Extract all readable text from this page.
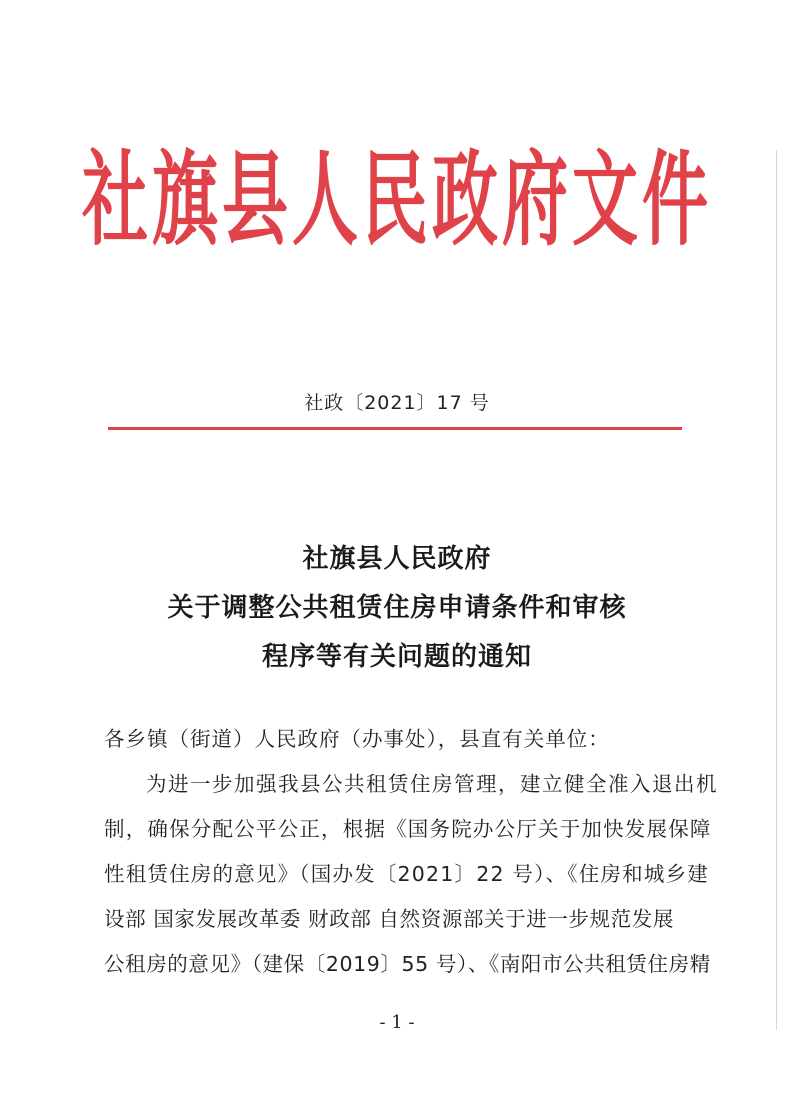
社旗县人民政府文件
社政〔2021〕17 号
社旗县人民政府
关于调整公共租赁住房申请条件和审核
程序等有关问题的通知
各乡镇（街道）人民政府（办事处），县直有关单位：
为进一步加强我县公共租赁住房管理，建立健全准入退出机
制，确保分配公平公正，根据《国务院办公厅关于加快发展保障
性租赁住房的意见》（国办发〔2021〕22 号）、《住房和城乡建
设部 国家发展改革委 财政部 自然资源部关于进一步规范发展
公租房的意见》（建保〔2019〕55 号）、《南阳市公共租赁住房精
- 1 -
